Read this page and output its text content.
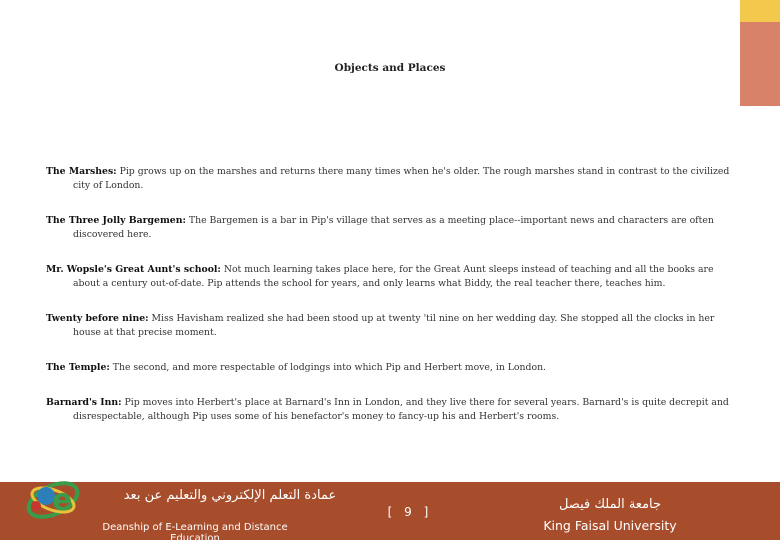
Objects and Places
The Marshes: Pip grows up on the marshes and returns there many times when he's older. The rough marshes stand in contrast to the civilized city of London.
The Three Jolly Bargemen: The Bargemen is a bar in Pip's village that serves as a meeting place--important news and characters are often discovered here.
Mr. Wopsle's Great Aunt's school: Not much learning takes place here, for the Great Aunt sleeps instead of teaching and all the books are about a century out-of-date. Pip attends the school for years, and only learns what Biddy, the real teacher there, teaches him.
Twenty before nine: Miss Havisham realized she had been stood up at twenty 'til nine on her wedding day. She stopped all the clocks in her house at that precise moment.
The Temple: The second, and more respectable of lodgings into which Pip and Herbert move, in London.
Barnard's Inn: Pip moves into Herbert's place at Barnard's Inn in London, and they live there for several years. Barnard's is quite decrepit and disrespectable, although Pip uses some of his benefactor's money to fancy-up his and Herbert's rooms.
e	عمادة التعلم الإلكتروني والتعليم عن بعد
Deanship of E-Learning and Distance Education
[ 9 ]	جامعة الملك فيصل
King Faisal University
